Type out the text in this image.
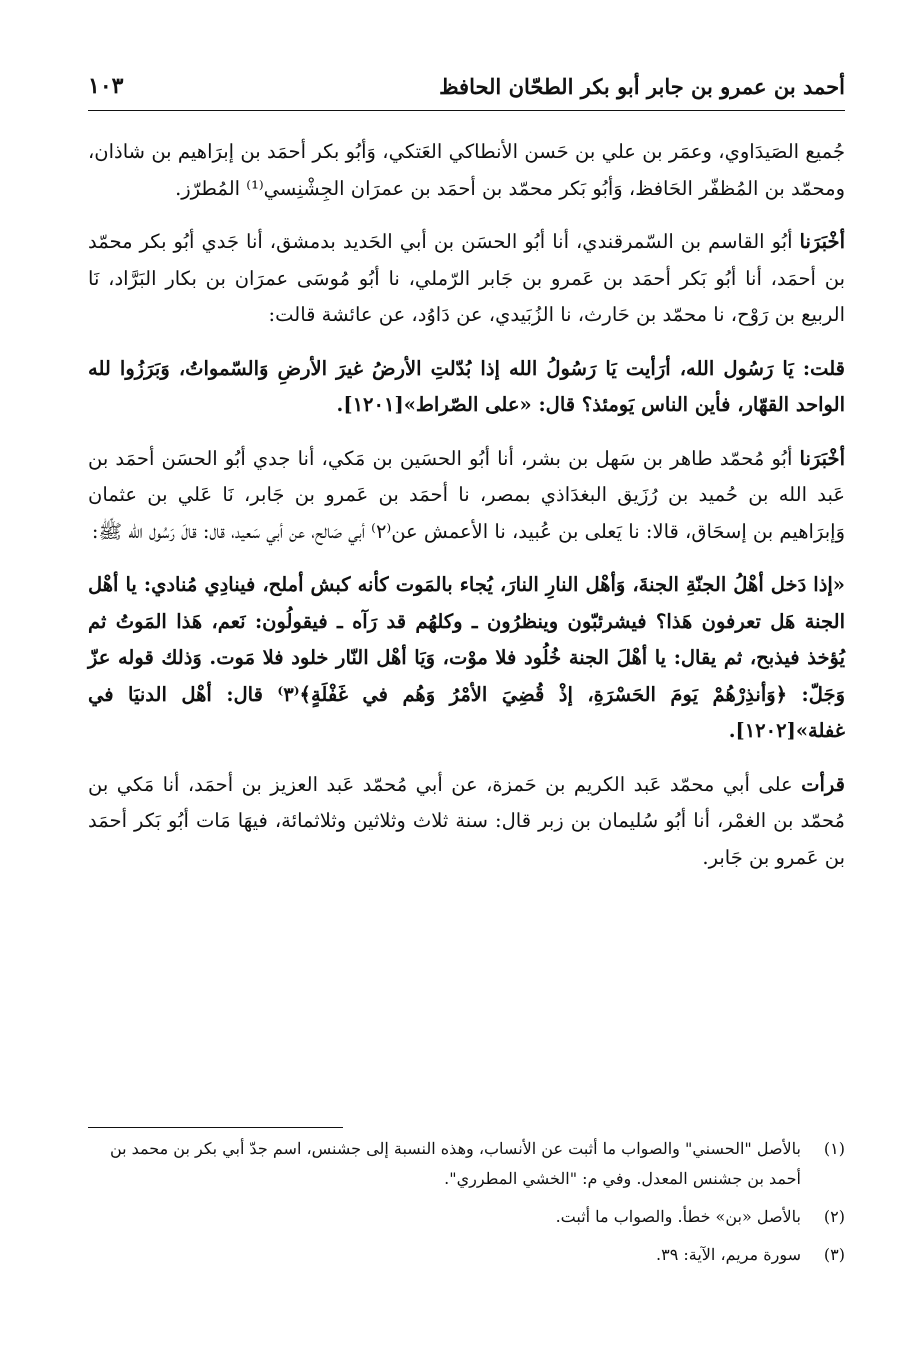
أحمد بن عمرو بن جابر أبو بكر الطحّان الحافظ
١٠٣

جُميع الصَيدَاوي، وعمَر بن علي بن حَسن الأنطاكي العَتكي، وَأبُو بكر أحمَد بن إبرَاهيم بن شاذان، ومحمّد بن المُظفّر الحَافظ، وَأبُو بَكر محمّد بن أحمَد بن عمرَان الجِشْنِسي⁽¹⁾ المُطرّز.

أخْبَرَنا أبُو القاسم بن السّمرقندي، أنا أبُو الحسَن بن أبي الحَديد بدمشق، أنا جَدي أبُو بكر محمّد بن أحمَد، أنا أبُو بَكر أحمَد بن عَمرو بن جَابر الرّملي، نا أبُو مُوسَى عمرَان بن بكار البَرَّاد، نَا الربيع بن رَوْح، نا محمّد بن حَارث، نا الزُبَيدي، عن دَاوُد، عن عائشة قالت:

قلت: يَا رَسُول الله، أرَأيت يَا رَسُولُ الله إذا بُدّلتِ الأرضُ غيرَ الأرضِ وَالسّمواتُ، وَبَرَزُوا لله الواحد القهّار، فأين الناس يَومئذ؟ قال: «على الصّراط»[١٢٠١].

أخْبَرَنا أبُو مُحمّد طاهر بن سَهل بن بشر، أنا أبُو الحسَين بن مَكي، أنا جدي أبُو الحسَن أحمَد بن عَبد الله بن حُميد بن رُزَيق البغدَاذي بمصر، نا أحمَد بن عَمرو بن جَابر، نَا عَلي بن عثمان وَإبرَاهيم بن إسحَاق، قالا: نا يَعلى بن عُبيد، نا الأعمش عن⁽٢⁾ أبي صَالح، عن أبي سَعيد، قال: قالَ رَسُول الله ﷺ:

«إذا دَخل أهْلُ الجنّةِ الجنةَ، وَأهْل النارِ النارَ، يُجاء بالمَوت كأنه كبش أملح، فينادِي مُنادي: يا أهْل الجنة هَل تعرفون هَذا؟ فيشرئبّون وينظرُون ـ وكلهُم قد رَآه ـ فيقولُون: نَعم، هَذا المَوتُ ثم يُؤخذ فيذبح، ثم يقال: يا أهْلَ الجنة خُلُود فلا موْت، وَيَا أهْل النّار خلود فلا مَوت. وَذلك قوله عزّ وَجَلّ: ﴿وَأنذِرْهُمْ يَومَ الحَسْرَةِ، إذْ قُضِيَ الأمْرُ وَهُم في غَفْلَةٍ﴾⁽٣⁾ قال: أهْل الدنيَا في غفلة»[١٢٠٢].

قرأت على أبي محمّد عَبد الكريم بن حَمزة، عن أبي مُحمّد عَبد العزيز بن أحمَد، أنا مَكي بن مُحمّد بن الغمْر، أنا أبُو سُليمان بن زبر قال: سنة ثلاث وثلاثين وثلاثمائة، فيهَا مَات أبُو بَكر أحمَد بن عَمرو بن جَابر.

(١)
بالأصل "الحسني" والصواب ما أثبت عن الأنساب، وهذه النسبة إلى جشنس، اسم جدّ أبي بكر بن محمد بن أحمد بن جشنس المعدل. وفي م: "الخشي المطرري".
(٢)
بالأصل «بن» خطأ. والصواب ما أثبت.
(٣)
سورة مريم، الآية: ٣٩.
